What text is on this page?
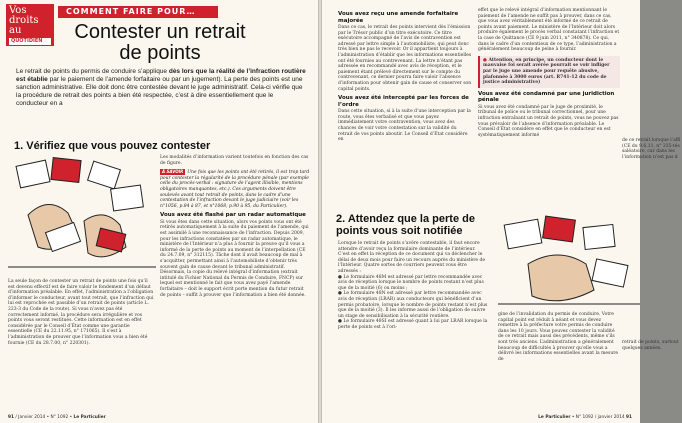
Vos
droits
au
QUOTIDIEN
COMMENT FAIRE POUR…
Contester un retrait de points
Le retrait de points du permis de conduire s’applique dès lors que la réalité de l’infraction routière est établie par le paiement de l’amende forfaitaire ou par un jugement). La perte des points est une sanction administrative. Elle doit donc être contestée devant le juge administratif. Cela-ci vérifie que la procédure de retrait des points a bien été respectée, c’est à dire essentiellement que le conducteur en a
1. Vérifiez que vous pouvez contester
La seule façon de contester un retrait de points une fois qu’il est devenu effectif est de faire valoir le fondement d’un défaut d’information préalable. En effet, l’administration a l’obligation d’informer le conducteur, avant tout retrait, que l’infraction qui lui est reprochée est passible d’un retrait de points (article L. 223-3 du Code de la route). Si vous n’avez pas été correctement informé, la procédure sera irrégulière et vos points vous seront restitués. Cette information est en effet considérée par le Conseil d’État comme une garantie essentielle (CE du 22.11.95, n° 171065). Il s’est à l’administration de prouver que l’information vous a bien été fournie (CE du 28.7.00, n° 220301).
Les modalités d’information varient toutefois en fonction des cas de figure.
À SAVOIR Une fois que les points ont été retirés, il est trop tard pour contester la régularité de la procédure pénale (par exemple celle du procès-verbal : signature de l’agent illisible, mentions obligatoires manquantes, etc.). Ces arguments doivent être soulevés avant tout retrait de points, dans le cadre d’une contestation de l’infraction devant le juge judiciaire (voir les n°1056, p.84 à 87, et n°1068, p.90 à 95, du Particulier).
Vous avez été flashé par un radar automatique
Si vous êtes dans cette situation, alors vos points vous ont été retirés automatiquement à la suite du paiement de l’amende, qui est assimilé à une reconnaissance de l’infraction. Depuis 2009, pour les infractions constatées par un radar automatique, le ministère de l’Intérieur n’a plus à fournir la preuve qu’il vous a informé de la perte de points au moment de l’interpellation (CE du 24.7.09, n° 312115). Tâche dont il avait beaucoup de mal à s’acquitter, permettant ainsi à l’automobiliste d’obtenir très souvent gain de cause devant le tribunal administratif. Désormais, la copie du relevé intégral d’information (extrait intitulé du Fichier National du Permis de Conduire, FNCP) sur lequel est mentionné le fait que vous avez payé l’amende forfaitaire – doit le support écrit porte mention du futur retrait de points – suffit à prouver que l’information a bien été donnée.
91 / Janvier 2014 • N° 1092 • Le Particulier
Vous avez reçu une amende forfaitaire majorée
Dans ce cas, le retrait des points intervient dès l’émission par le Trésor public d’un titre exécutoire. Ce titre exécutoire accompagné de l’avis de contravention est adressé par lettre simple à l’automobiliste, qui peut donc très bien ne pas le recevoir. Or il appartient toujours à l’administration d’établir que les informations essentielles ont été fournies au contrevenant. La lettre n’étant pas adressée en recommandé avec avis de réception, et le paiement étant prélevé directement sur le compte du contrevenant, ce dernier pourra faire valoir l’absence d’information pour obtenir gain de cause et conserver son capital points.
Vous avez été intercepté par les forces de l’ordre
Dans cette situation, si à la suite d’une interception par la route, vous êtes verbalisé et que vous payez immédiatement votre contravention, vous avez des chances de voir votre contestation sur la validité du retrait de vos points aboutir. Le Conseil d’État considère en
effet que le relevé intégral d’information mentionnant le paiement de l’amende ne suffit pas à prouver, dans ce cas, que vous avez véritablement été informé de ce retrait de points avant paiement. Le ministère de l’Intérieur doit alors produire également le procès verbal constatant l’infraction et la case de Quittance (CE 9 juin 2011, n° 340878). Ce qui, dans le cadre d’un contentieux de ce type, l’administration a généralement beaucoup de peine à fournir.
● Attention, en principe, un conducteur dont le mauvaise foi serait avérée pourrait se voir infliger par le juge une amende pour requête abusive, plafonnée à 3000 euros (art. R741-12 du code de justice administrative)
Vous avez été condamné par une juridiction pénale
Si vous avez été condamné par le juge de proximité, le tribunal de police ou le tribunal correctionnel, pour une infraction entraînant un retrait de points, vous ne pouvez pas vous prévaloir de l’absence d’information préalable. Le Conseil d’État considère en effet que le conducteur en est systématiquement informé
de ce retrait lorsque l’affi (CE du 9.6.11, n° 335-tés saléatoire, car dans les l’information n’est pas d
2. Attendez que la perte de points vous soit notifiée
Lorsque le retrait de points s’avère contestable, il faut encore attendre d’avoir reçu la formulaire dominante de l’intérieur. C’est en effet la réception de ce document qui va déclencher le délai de deux mois pour faire un recours auprès du ministère de l’Intérieur. Quatre sortes de courriers peuvent vous être adressés :
● Le formulaire 48M est adressé par lettre recommandée avec avis de réception lorsque le nombre de points restant n’est plus que de la moitié (6) ou moins ;
● Le formulaire 48N est adressé par lettre recommandée avec avis de réception (LRAR) aux conducteurs qui bénéficient d’un permis probatoire, lorsque le nombre de points restant n’est plus que de la moitié (3). Il les informe aussi de l’obligation de suivre un stage de sensibilisation à la sécurité routière.
● Le formulaire 48SI est adressé quant à lui par LRAR lorsque la perte de points est à l’ori-
gine de l’invalidation du permis de conduire. Votre capital point est réduit à néant et vous devez remettre à la préfecture votre permis de conduire dans les 10 jours. Vous pouvez contester la validité de ce retrait mais aussi des précédents, même s’ils sont très anciens. L’administration a généralement beaucoup de difficultés à prouver qu’elle vous a délivré les informations essentielles avant la mesure de
retrait de points, surtout quelques années.
Le Particulier • N° 1092 / janvier 2014 91
